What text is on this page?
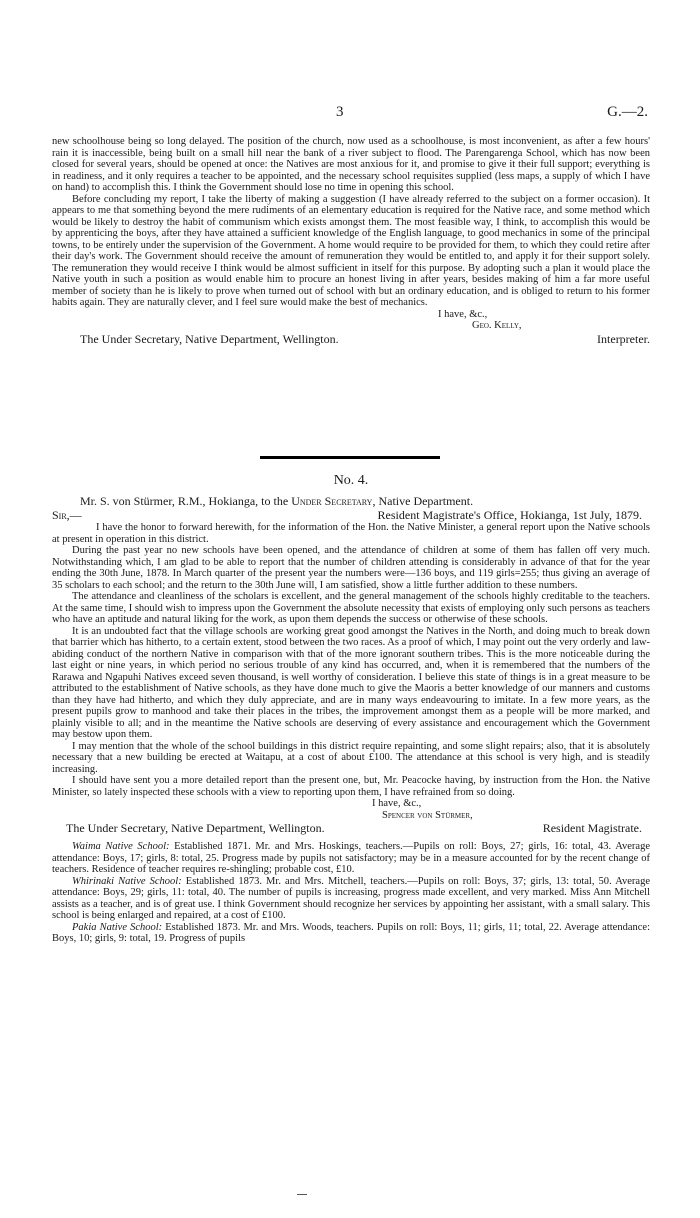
3	G.—2.

new schoolhouse being so long delayed. The position of the church, now used as a schoolhouse, is most inconvenient, as after a few hours' rain it is inaccessible, being built on a small hill near the bank of a river subject to flood. The Parengarenga School, which has now been closed for several years, should be opened at once: the Natives are most anxious for it, and promise to give it their full support; everything is in readiness, and it only requires a teacher to be appointed, and the necessary school requisites supplied (less maps, a supply of which I have on hand) to accomplish this. I think the Government should lose no time in opening this school.

Before concluding my report, I take the liberty of making a suggestion (I have already referred to the subject on a former occasion). It appears to me that something beyond the mere rudiments of an elementary education is required for the Native race, and some method which would be likely to destroy the habit of communism which exists amongst them. The most feasible way, I think, to accomplish this would be by apprenticing the boys, after they have attained a sufficient knowledge of the English language, to good mechanics in some of the principal towns, to be entirely under the supervision of the Government. A home would require to be provided for them, to which they could retire after their day's work. The Government should receive the amount of remuneration they would be entitled to, and apply it for their support solely. The remuneration they would receive I think would be almost sufficient in itself for this purpose. By adopting such a plan it would place the Native youth in such a position as would enable him to procure an honest living in after years, besides making of him a far more useful member of society than he is likely to prove when turned out of school with but an ordinary education, and is obliged to return to his former habits again. They are naturally clever, and I feel sure would make the best of mechanics.

I have, &c.,

Geo. Kelly,

The Under Secretary, Native Department, Wellington.	Interpreter.

No. 4.

Mr. S. von Stürmer, R.M., Hokianga, to the Under Secretary, Native Department.

Sir,—	Resident Magistrate's Office, Hokianga, 1st July, 1879.

I have the honor to forward herewith, for the information of the Hon. the Native Minister, a general report upon the Native schools at present in operation in this district.

During the past year no new schools have been opened, and the attendance of children at some of them has fallen off very much. Notwithstanding which, I am glad to be able to report that the number of children attending is considerably in advance of that for the year ending the 30th June, 1878. In March quarter of the present year the numbers were—136 boys, and 119 girls=255; thus giving an average of 35 scholars to each school; and the return to the 30th June will, I am satisfied, show a little further addition to these numbers.

The attendance and cleanliness of the scholars is excellent, and the general management of the schools highly creditable to the teachers. At the same time, I should wish to impress upon the Government the absolute necessity that exists of employing only such persons as teachers who have an aptitude and natural liking for the work, as upon them depends the success or otherwise of these schools.

It is an undoubted fact that the village schools are working great good amongst the Natives in the North, and doing much to break down that barrier which has hitherto, to a certain extent, stood between the two races. As a proof of which, I may point out the very orderly and law-abiding conduct of the northern Native in comparison with that of the more ignorant southern tribes. This is the more noticeable during the last eight or nine years, in which period no serious trouble of any kind has occurred, and, when it is remembered that the numbers of the Rarawa and Ngapuhi Natives exceed seven thousand, is well worthy of consideration. I believe this state of things is in a great measure to be attributed to the establishment of Native schools, as they have done much to give the Maoris a better knowledge of our manners and customs than they have had hitherto, and which they duly appreciate, and are in many ways endeavouring to imitate. In a few more years, as the present pupils grow to manhood and take their places in the tribes, the improvement amongst them as a people will be more marked, and plainly visible to all; and in the meantime the Native schools are deserving of every assistance and encouragement which the Government may bestow upon them.

I may mention that the whole of the school buildings in this district require repainting, and some slight repairs; also, that it is absolutely necessary that a new building be erected at Waitapu, at a cost of about £100. The attendance at this school is very high, and is steadily increasing.

I should have sent you a more detailed report than the present one, but, Mr. Peacocke having, by instruction from the Hon. the Native Minister, so lately inspected these schools with a view to reporting upon them, I have refrained from so doing.

I have, &c.,

Spencer von Stürmer,

The Under Secretary, Native Department, Wellington.	Resident Magistrate.

Waima Native School: Established 1871. Mr. and Mrs. Hoskings, teachers.—Pupils on roll: Boys, 27; girls, 16: total, 43. Average attendance: Boys, 17; girls, 8: total, 25. Progress made by pupils not satisfactory; may be in a measure accounted for by the recent change of teachers. Residence of teacher requires re-shingling; probable cost, £10.

Whirinaki Native School: Established 1873. Mr. and Mrs. Mitchell, teachers.—Pupils on roll: Boys, 37; girls, 13: total, 50. Average attendance: Boys, 29; girls, 11: total, 40. The number of pupils is increasing, progress made excellent, and very marked. Miss Ann Mitchell assists as a teacher, and is of great use. I think Government should recognize her services by appointing her assistant, with a small salary. This school is being enlarged and repaired, at a cost of £100.

Pakia Native School: Established 1873. Mr. and Mrs. Woods, teachers. Pupils on roll: Boys, 11; girls, 11; total, 22. Average attendance: Boys, 10; girls, 9: total, 19. Progress of pupils
